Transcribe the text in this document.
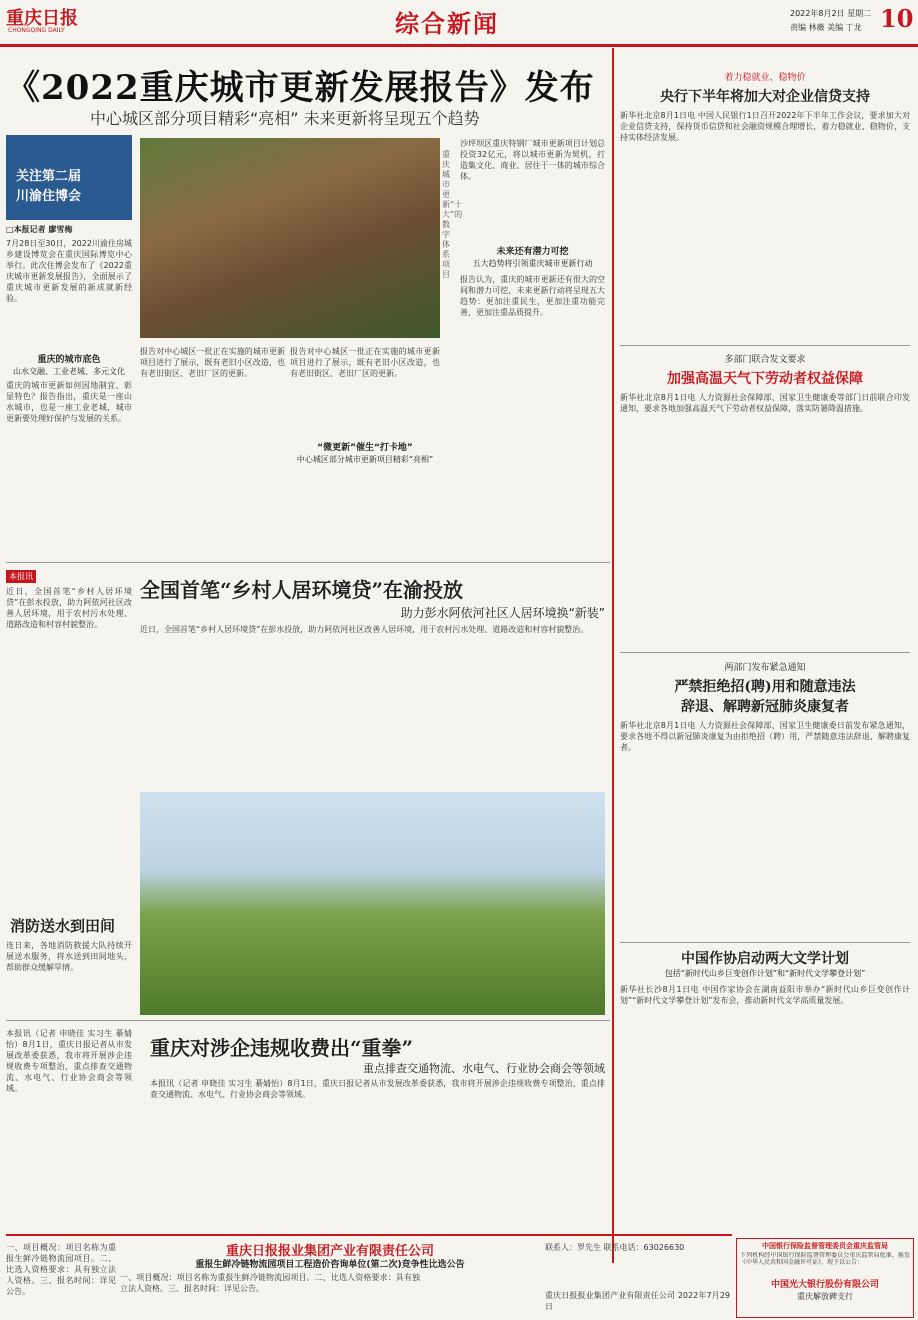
重庆日报
CHONGQING DAILY	综合新闻	2022年8月2日 星期二
责编 林薇 美编 丁龙 10
《2022重庆城市更新发展报告》发布
中心城区部分项目精彩“亮相” 未来更新将呈现五个趋势
关注第二届
川渝住博会
□本报记者 廖雪梅
7月28日至30日，2022川渝住房城乡建设博览会在重庆国际博览中心举行。此次住博会发布了《2022重庆城市更新发展报告》，全面展示了重庆城市更新发展的新成就新经验。
重庆的城市底色
山水交融、工业老城、多元文化
重庆的城市更新如何因地制宜、彰显特色？报告指出，重庆是一座山水城市，也是一座工业老城，城市更新要处理好保护与发展的关系。
重庆城市更新“十大”的数字体系项目
报告对中心城区一批正在实施的城市更新项目进行了展示，既有老旧小区改造，也有老旧街区、老旧厂区的更新。
“微更新”催生“打卡地”
中心城区部分城市更新项目精彩“亮相”
报告对中心城区一批正在实施的城市更新项目进行了展示，既有老旧小区改造，也有老旧街区、老旧厂区的更新。
沙坪坝区重庆特钢厂城市更新项目计划总投资32亿元，将以城市更新为契机，打造集文化、商业、居住于一体的城市综合体。
未来还有潜力可挖
五大趋势将引领重庆城市更新行动
报告认为，重庆的城市更新还有很大的空间和潜力可挖，未来更新行动将呈现五大趋势：更加注重民生，更加注重功能完善，更加注重品质提升。
着力稳就业、稳物价
央行下半年将加大对企业信贷支持
新华社北京8月1日电 中国人民银行1日召开2022年下半年工作会议，要求加大对企业信贷支持，保持货币信贷和社会融资规模合理增长，着力稳就业、稳物价，支持实体经济发展。
多部门联合发文要求
加强高温天气下劳动者权益保障
新华社北京8月1日电 人力资源社会保障部、国家卫生健康委等部门日前联合印发通知，要求各地加强高温天气下劳动者权益保障，落实防暑降温措施。
本报讯
近日，全国首笔“乡村人居环境贷”在彭水投放，助力阿依河社区改善人居环境，用于农村污水处理、道路改造和村容村貌整治。
全国首笔“乡村人居环境贷”在渝投放
助力彭水阿依河社区人居环境换“新装”
近日，全国首笔“乡村人居环境贷”在彭水投放，助力阿依河社区改善人居环境，用于农村污水处理、道路改造和村容村貌整治。
两部门发布紧急通知
严禁拒绝招(聘)用和随意违法
辞退、解聘新冠肺炎康复者
新华社北京8月1日电 人力资源社会保障部、国家卫生健康委日前发布紧急通知，要求各地不得以新冠肺炎康复为由拒绝招（聘）用，严禁随意违法辞退、解聘康复者。
消防送水到田间
连日来，各地消防救援大队持续开展送水服务，将水送到田间地头，帮助群众缓解旱情。
中国作协启动两大文学计划
包括“新时代山乡巨变创作计划”和“新时代文学攀登计划”
新华社长沙8月1日电 中国作家协会在湖南益阳市举办“新时代山乡巨变创作计划”“新时代文学攀登计划”发布会，推动新时代文学高质量发展。
本报讯（记者 申晓佳 实习生 綦婧怡）8月1日，重庆日报记者从市发展改革委获悉，我市将开展涉企违规收费专项整治，重点排查交通物流、水电气、行业协会商会等领域。
重庆对涉企违规收费出“重拳”
重点排查交通物流、水电气、行业协会商会等领域
本报讯（记者 申晓佳 实习生 綦婧怡）8月1日，重庆日报记者从市发展改革委获悉，我市将开展涉企违规收费专项整治，重点排查交通物流、水电气、行业协会商会等领域。
一、项目概况：项目名称为重报生鲜冷链物流园项目。二、比选人资格要求：具有独立法人资格。三、报名时间：详见公告。
重庆日报报业集团产业有限责任公司
重报生鲜冷链物流园项目工程造价咨询单位(第二次)竞争性比选公告
一、项目概况：项目名称为重报生鲜冷链物流园项目。二、比选人资格要求：具有独立法人资格。三、报名时间：详见公告。
联系人：罗先生 联系电话：63026630
重庆日报报业集团产业有限责任公司 2022年7月29日
中国银行保险监督管理委员会重庆监管局
下列机构经中国银行保险监督管理委员会重庆监管局批准，换发《中华人民共和国金融许可证》，现予以公告：
中国光大银行股份有限公司
重庆解放碑支行
